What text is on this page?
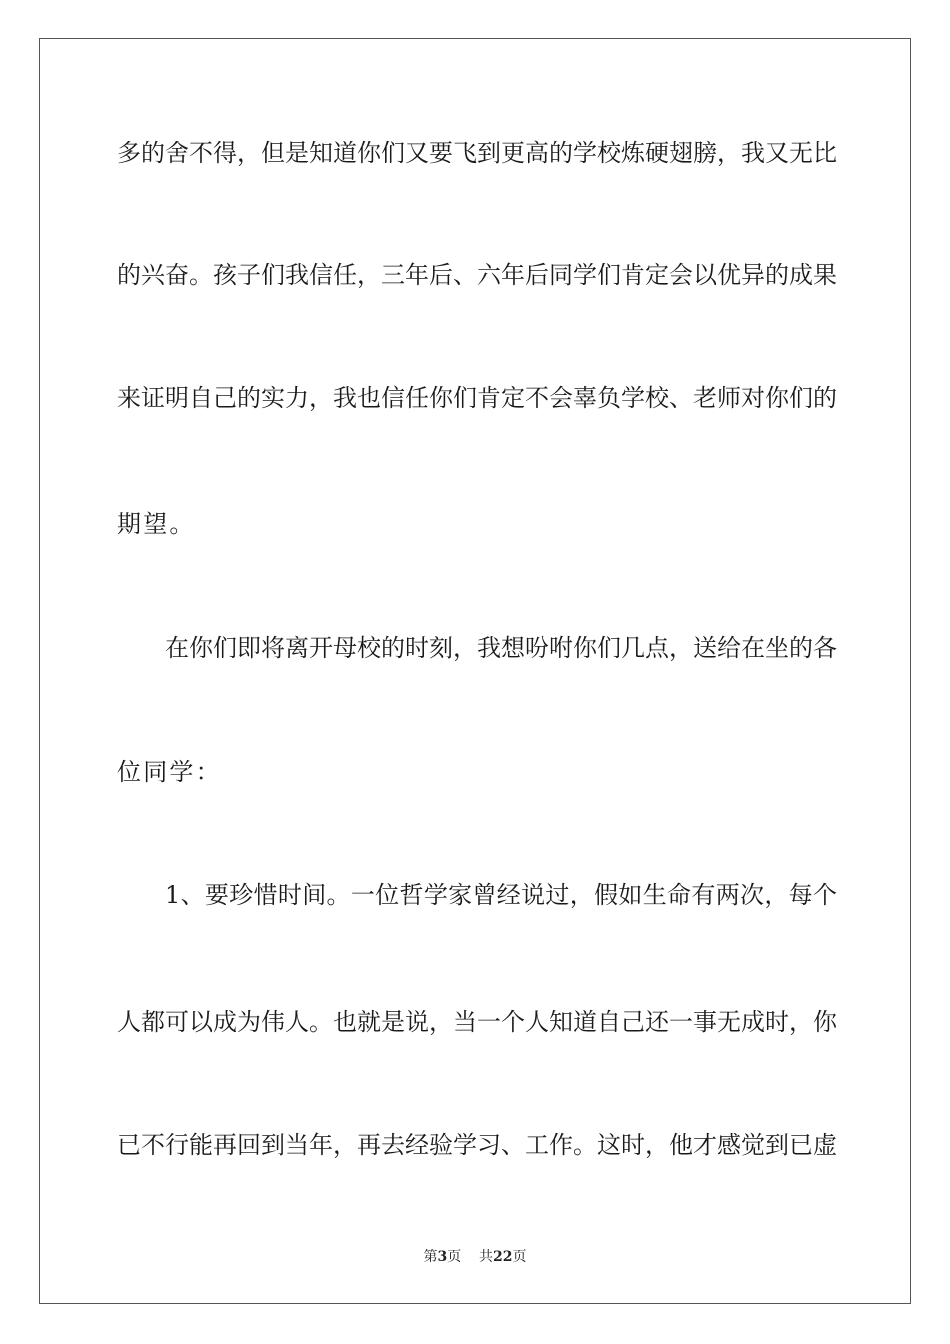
多的舍不得，但是知道你们又要飞到更高的学校炼硬翅膀，我又无比
的兴奋。孩子们我信任，三年后、六年后同学们肯定会以优异的成果
来证明自己的实力，我也信任你们肯定不会辜负学校、老师对你们的
期望。
在你们即将离开母校的时刻，我想吩咐你们几点，送给在坐的各
位同学：
1、要珍惜时间。一位哲学家曾经说过，假如生命有两次，每个
人都可以成为伟人。也就是说，当一个人知道自己还一事无成时，你
已不行能再回到当年，再去经验学习、工作。这时，他才感觉到已虚
第3页 共22页
